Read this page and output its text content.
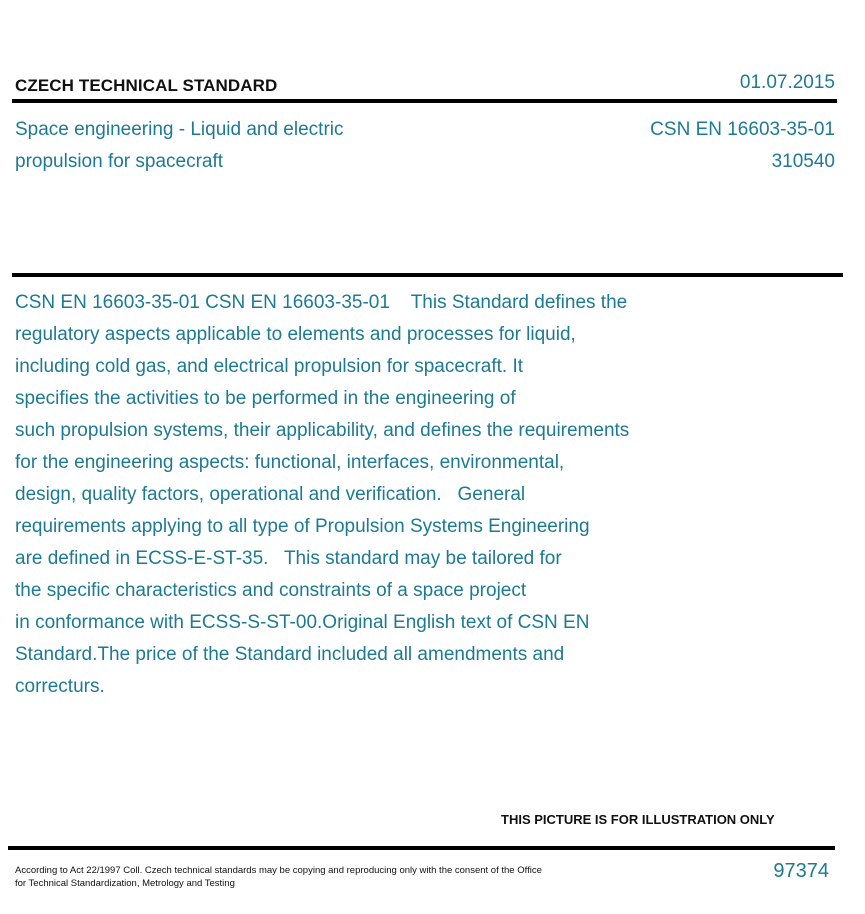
CZECH TECHNICAL STANDARD	01.07.2015
Space engineering - Liquid and electric
propulsion for spacecraft
CSN EN 16603-35-01
310540
CSN EN 16603-35-01 CSN EN 16603-35-01    This Standard defines the
regulatory aspects applicable to elements and processes for liquid,
including cold gas, and electrical propulsion for spacecraft. It
specifies the activities to be performed in the engineering of
such propulsion systems, their applicability, and defines the requirements
for the engineering aspects: functional, interfaces, environmental,
design, quality factors, operational and verification.   General
requirements applying to all type of Propulsion Systems Engineering
are defined in ECSS-E-ST-35.   This standard may be tailored for
the specific characteristics and constraints of a space project
in conformance with ECSS-S-ST-00.Original English text of CSN EN
Standard.The price of the Standard included all amendments and
correcturs.
THIS PICTURE IS FOR ILLUSTRATION ONLY
According to Act 22/1997 Coll. Czech technical standards may be copying and reproducing only with the consent of the Office
for Technical Standardization, Metrology and Testing
97374
